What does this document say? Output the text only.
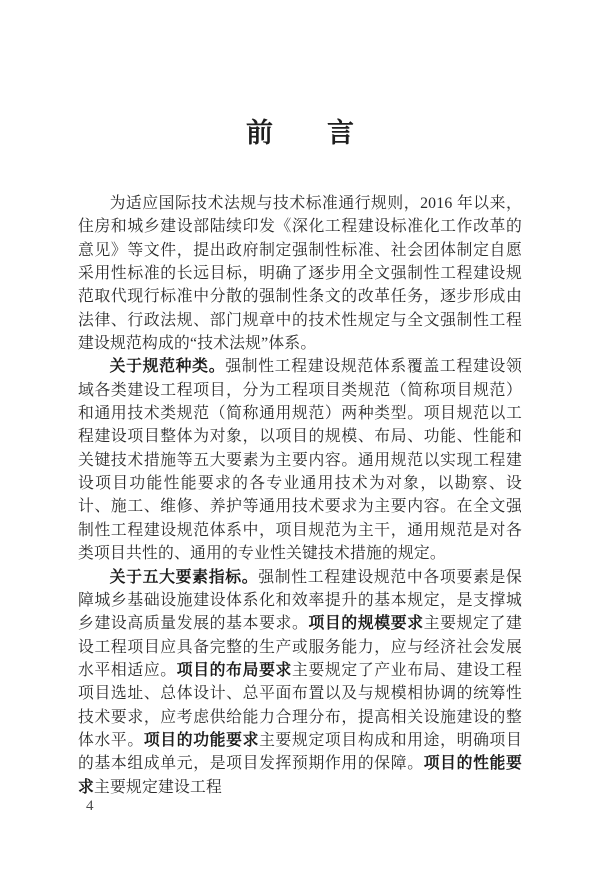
前　　言

为适应国际技术法规与技术标准通行规则，2016 年以来，住房和城乡建设部陆续印发《深化工程建设标准化工作改革的意见》等文件，提出政府制定强制性标准、社会团体制定自愿采用性标准的长远目标，明确了逐步用全文强制性工程建设规范取代现行标准中分散的强制性条文的改革任务，逐步形成由法律、行政法规、部门规章中的技术性规定与全文强制性工程建设规范构成的“技术法规”体系。

关于规范种类。强制性工程建设规范体系覆盖工程建设领域各类建设工程项目，分为工程项目类规范（简称项目规范）和通用技术类规范（简称通用规范）两种类型。项目规范以工程建设项目整体为对象，以项目的规模、布局、功能、性能和关键技术措施等五大要素为主要内容。通用规范以实现工程建设项目功能性能要求的各专业通用技术为对象，以勘察、设计、施工、维修、养护等通用技术要求为主要内容。在全文强制性工程建设规范体系中，项目规范为主干，通用规范是对各类项目共性的、通用的专业性关键技术措施的规定。

关于五大要素指标。强制性工程建设规范中各项要素是保障城乡基础设施建设体系化和效率提升的基本规定，是支撑城乡建设高质量发展的基本要求。项目的规模要求主要规定了建设工程项目应具备完整的生产或服务能力，应与经济社会发展水平相适应。项目的布局要求主要规定了产业布局、建设工程项目选址、总体设计、总平面布置以及与规模相协调的统筹性技术要求，应考虑供给能力合理分布，提高相关设施建设的整体水平。项目的功能要求主要规定项目构成和用途，明确项目的基本组成单元，是项目发挥预期作用的保障。项目的性能要求主要规定建设工程

4
